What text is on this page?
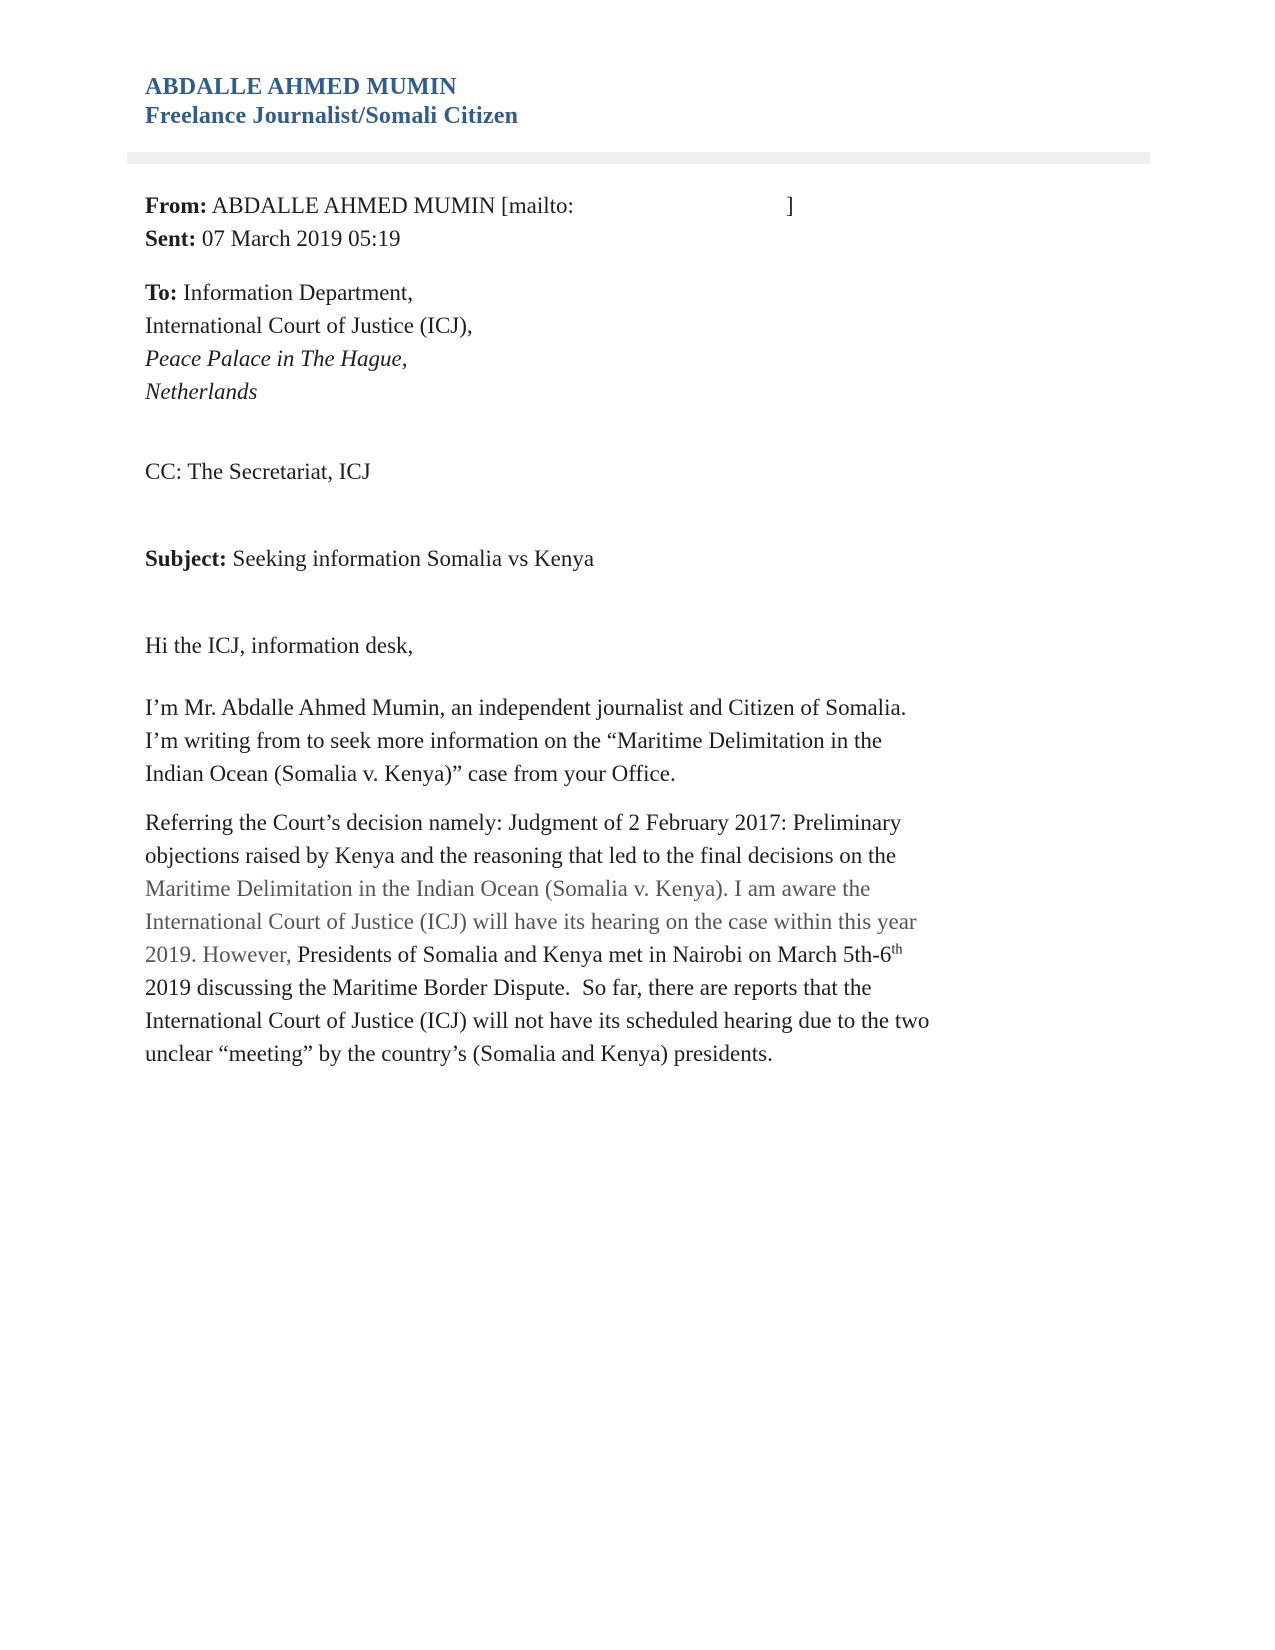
ABDALLE AHMED MUMIN
Freelance Journalist/Somali Citizen
From: ABDALLE AHMED MUMIN [mailto:	]
Sent: 07 March 2019 05:19
To: Information Department,
International Court of Justice (ICJ),
Peace Palace in The Hague,
Netherlands
CC: The Secretariat, ICJ
Subject: Seeking information Somalia vs Kenya
Hi the ICJ, information desk,

I’m Mr. Abdalle Ahmed Mumin, an independent journalist and Citizen of Somalia. I’m writing from to seek more information on the “Maritime Delimitation in the Indian Ocean (Somalia v. Kenya)” case from your Office.

Referring the Court’s decision namely: Judgment of 2 February 2017: Preliminary objections raised by Kenya and the reasoning that led to the final decisions on the Maritime Delimitation in the Indian Ocean (Somalia v. Kenya). I am aware the International Court of Justice (ICJ) will have its hearing on the case within this year 2019. However, Presidents of Somalia and Kenya met in Nairobi on March 5th-6th 2019 discussing the Maritime Border Dispute.  So far, there are reports that the International Court of Justice (ICJ) will not have its scheduled hearing due to the two unclear “meeting” by the country’s (Somalia and Kenya) presidents.
